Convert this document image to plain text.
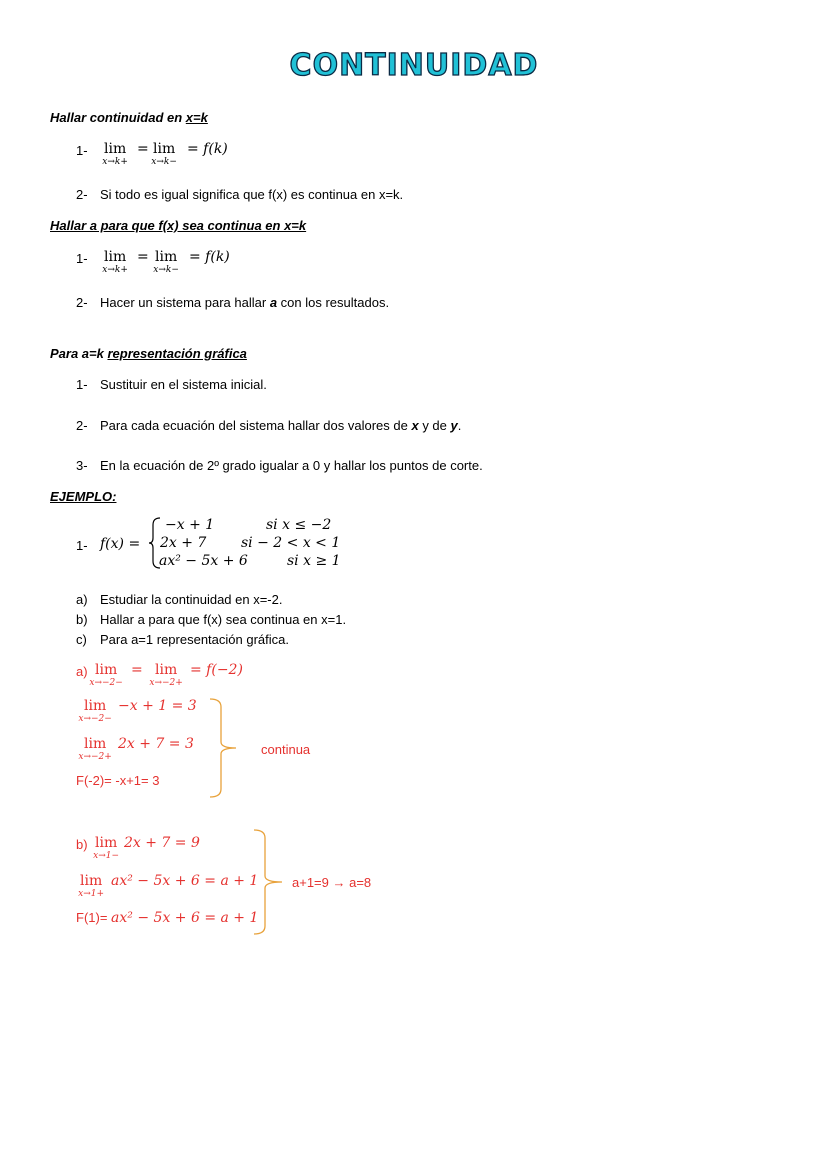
CONTINUIDAD
Hallar continuidad en x=k
1- lim
x→k+
= lim
x→k−
= f(k)
2- Si todo es igual significa que f(x) es continua en x=k.
Hallar a para que f(x) sea continua en x=k
1- lim
x→k+
= lim
x→k−
= f(k)
2- Hacer un sistema para hallar a con los resultados.
Para a=k representación gráfica
1- Sustituir en el sistema inicial.
2- Para cada ecuación del sistema hallar dos valores de x y de y.
3- En la ecuación de 2º grado igualar a 0 y hallar los puntos de corte.
EJEMPLO:
1- f(x) =
−x + 1	si x ≤ −2
2x + 7 si − 2 < x < 1
ax² − 5x + 6	si x ≥ 1
a) Estudiar la continuidad en x=-2.
b) Hallar a para que f(x) sea continua en x=1.
c) Para a=1 representación gráfica.
a) lim
x→−2−
= lim
x→−2+
= f(−2)
lim
x→−2−
−x + 1 = 3
lim
x→−2+
2x + 7 = 3
F(-2)= -x+1= 3
continua
b) lim
x→1−
2x + 7 = 9
lim
x→1+
ax² − 5x + 6 = a + 1
F(1)= ax² − 5x + 6 = a + 1
a+1=9 → a=8
